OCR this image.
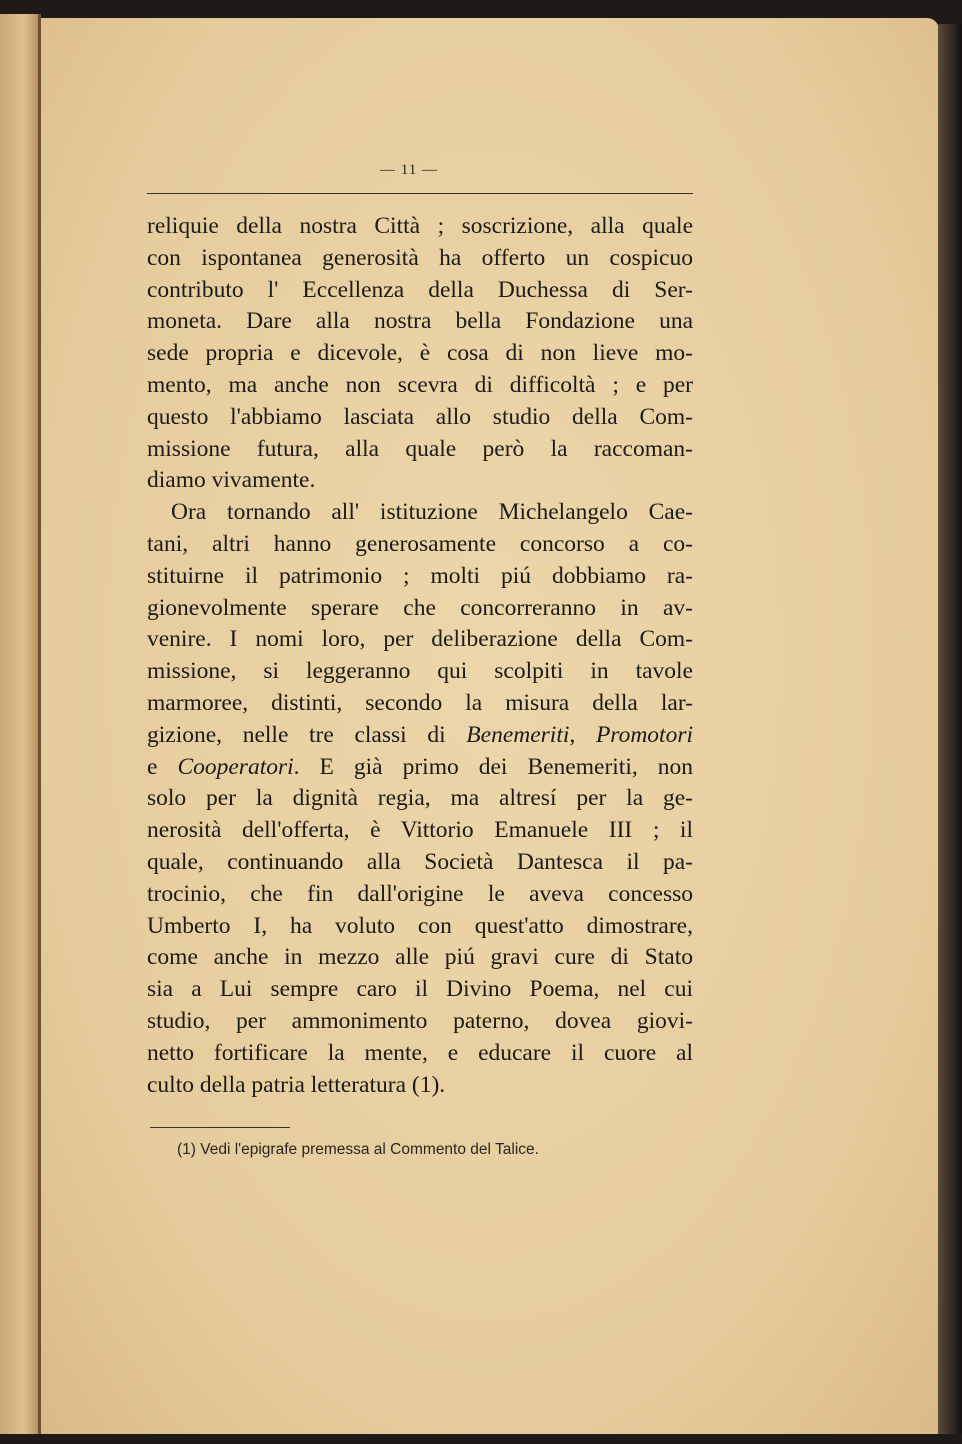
— 11 —
reliquie della nostra Città ; soscrizione, alla quale
con ispontanea generosità ha offerto un cospicuo
contributo l' Eccellenza della Duchessa di Ser-
moneta. Dare alla nostra bella Fondazione una
sede propria e dicevole, è cosa di non lieve mo-
mento, ma anche non scevra di difficoltà ; e per
questo l'abbiamo lasciata allo studio della Com-
missione futura, alla quale però la raccoman-
diamo vivamente.
Ora tornando all' istituzione Michelangelo Cae-
tani, altri hanno generosamente concorso a co-
stituirne il patrimonio ; molti piú dobbiamo ra-
gionevolmente sperare che concorreranno in av-
venire. I nomi loro, per deliberazione della Com-
missione, si leggeranno qui scolpiti in tavole
marmoree, distinti, secondo la misura della lar-
gizione, nelle tre classi di Benemeriti, Promotori
e Cooperatori. E già primo dei Benemeriti, non
solo per la dignità regia, ma altresí per la ge-
nerosità dell'offerta, è Vittorio Emanuele III ; il
quale, continuando alla Società Dantesca il pa-
trocinio, che fin dall'origine le aveva concesso
Umberto I, ha voluto con quest'atto dimostrare,
come anche in mezzo alle piú gravi cure di Stato
sia a Lui sempre caro il Divino Poema, nel cui
studio, per ammonimento paterno, dovea giovi-
netto fortificare la mente, e educare il cuore al
culto della patria letteratura (1).
(1) Vedi l'epigrafe premessa al Commento del Talice.
